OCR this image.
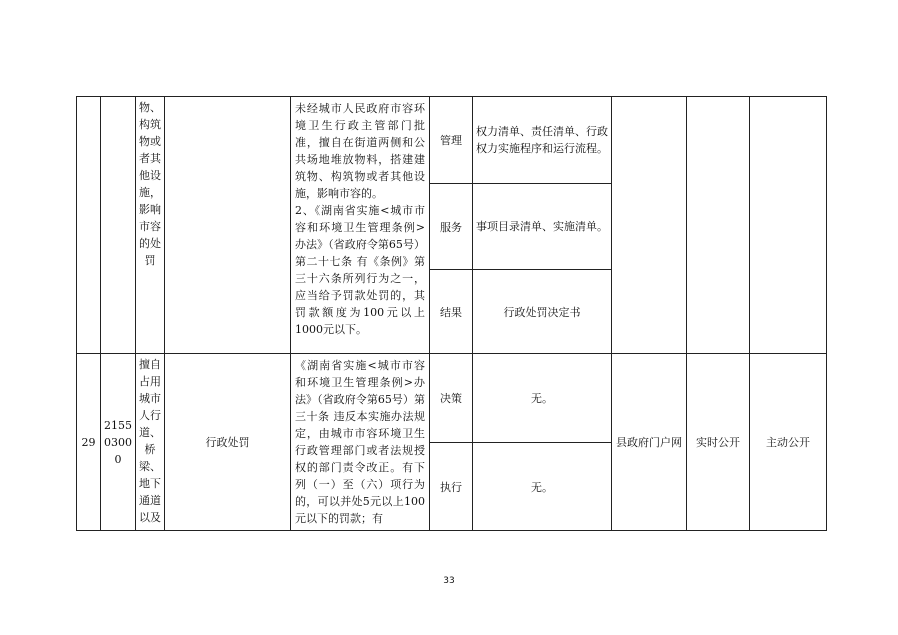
		物、构筑物或者其他设施，影响市容的处罚		未经城市人民政府市容环境卫生行政主管部门批准，擅自在街道两侧和公共场地堆放物料，搭建建筑物、构筑物或者其他设施，影响市容的。
2、《湖南省实施<城市市容和环境卫生管理条例>办法》（省政府令第65号）第二十七条 有《条例》第三十六条所列行为之一，应当给予罚款处罚的，其罚款额度为100元以上1000元以下。	管理	权力清单、责任清单、行政权力实施程序和运行流程。			
					服务	事项目录清单、实施清单。			
					结果	行政处罚决定书			
29	215503000	擅自占用城市人行道、桥梁、地下通道以及	行政处罚	《湖南省实施<城市市容和环境卫生管理条例>办法》（省政府令第65号）第三十条 违反本实施办法规定，由城市市容环境卫生行政管理部门或者法规授权的部门责令改正。有下列（一）至（六）项行为的，可以并处5元以上100元以下的罚款；有	决策	无。	县政府门户网	实时公开	主动公开
					执行	无。			
33
